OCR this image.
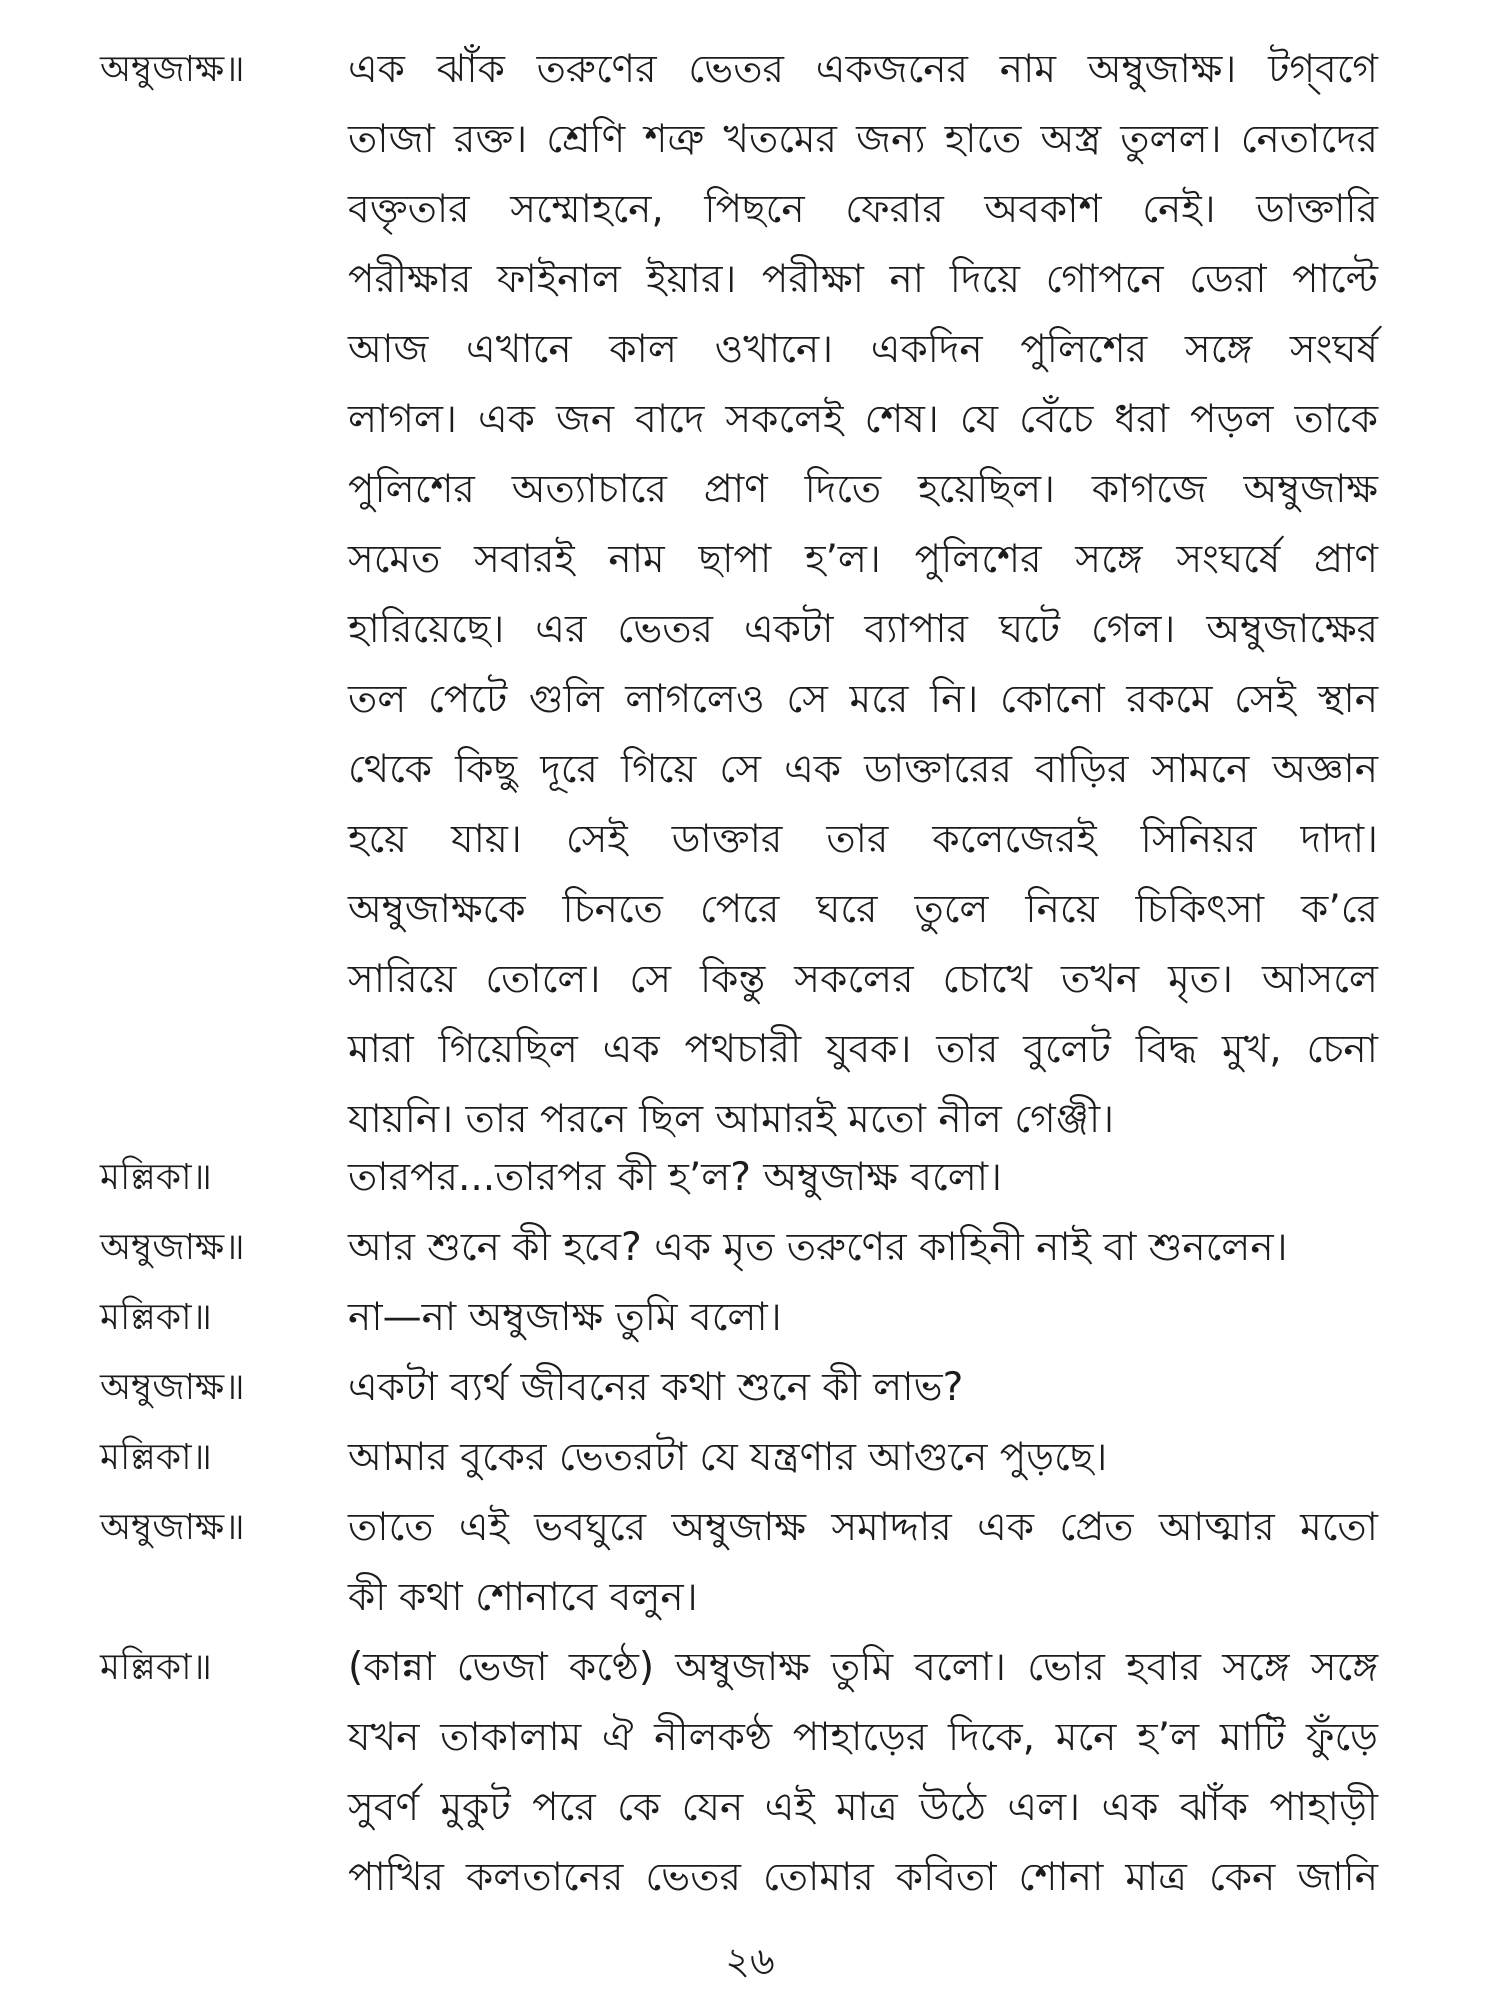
অম্বুজাক্ষ॥	এক ঝাঁক তরুণের ভেতর একজনের নাম অম্বুজাক্ষ। টগ্‌বগে
তাজা রক্ত। শ্রেণি শত্রু খতমের জন্য হাতে অস্ত্র তুলল। নেতাদের
বক্তৃতার সম্মোহনে, পিছনে ফেরার অবকাশ নেই। ডাক্তারি
পরীক্ষার ফাইনাল ইয়ার। পরীক্ষা না দিয়ে গোপনে ডেরা পাল্টে
আজ এখানে কাল ওখানে। একদিন পুলিশের সঙ্গে সংঘর্ষ
লাগল। এক জন বাদে সকলেই শেষ। যে বেঁচে ধরা পড়ল তাকে
পুলিশের অত্যাচারে প্রাণ দিতে হয়েছিল। কাগজে অম্বুজাক্ষ
সমেত সবারই নাম ছাপা হ’ল। পুলিশের সঙ্গে সংঘর্ষে প্রাণ
হারিয়েছে। এর ভেতর একটা ব্যাপার ঘটে গেল। অম্বুজাক্ষের
তল পেটে গুলি লাগলেও সে মরে নি। কোনো রকমে সেই স্থান
থেকে কিছু দূরে গিয়ে সে এক ডাক্তারের বাড়ির সামনে অজ্ঞান
হয়ে যায়। সেই ডাক্তার তার কলেজেরই সিনিয়র দাদা।
অম্বুজাক্ষকে চিনতে পেরে ঘরে তুলে নিয়ে চিকিৎসা ক’রে
সারিয়ে তোলে। সে কিন্তু সকলের চোখে তখন মৃত। আসলে
মারা গিয়েছিল এক পথচারী যুবক। তার বুলেট বিদ্ধ মুখ, চেনা
যায়নি। তার পরনে ছিল আমারই মতো নীল গেঞ্জী।
মল্লিকা॥	তারপর...তারপর কী হ’ল? অম্বুজাক্ষ বলো।
অম্বুজাক্ষ॥	আর শুনে কী হবে? এক মৃত তরুণের কাহিনী নাই বা শুনলেন।
মল্লিকা॥	না—না অম্বুজাক্ষ তুমি বলো।
অম্বুজাক্ষ॥	একটা ব্যর্থ জীবনের কথা শুনে কী লাভ?
মল্লিকা॥	আমার বুকের ভেতরটা যে যন্ত্রণার আগুনে পুড়ছে।
অম্বুজাক্ষ॥	তাতে এই ভবঘুরে অম্বুজাক্ষ সমাদ্দার এক প্রেত আত্মার মতো
কী কথা শোনাবে বলুন।
মল্লিকা॥	(কান্না ভেজা কণ্ঠে) অম্বুজাক্ষ তুমি বলো। ভোর হবার সঙ্গে সঙ্গে
যখন তাকালাম ঐ নীলকণ্ঠ পাহাড়ের দিকে, মনে হ’ল মাটি ফুঁড়ে
সুবর্ণ মুকুট পরে কে যেন এই মাত্র উঠে এল। এক ঝাঁক পাহাড়ী
পাখির কলতানের ভেতর তোমার কবিতা শোনা মাত্র কেন জানি
২৬
